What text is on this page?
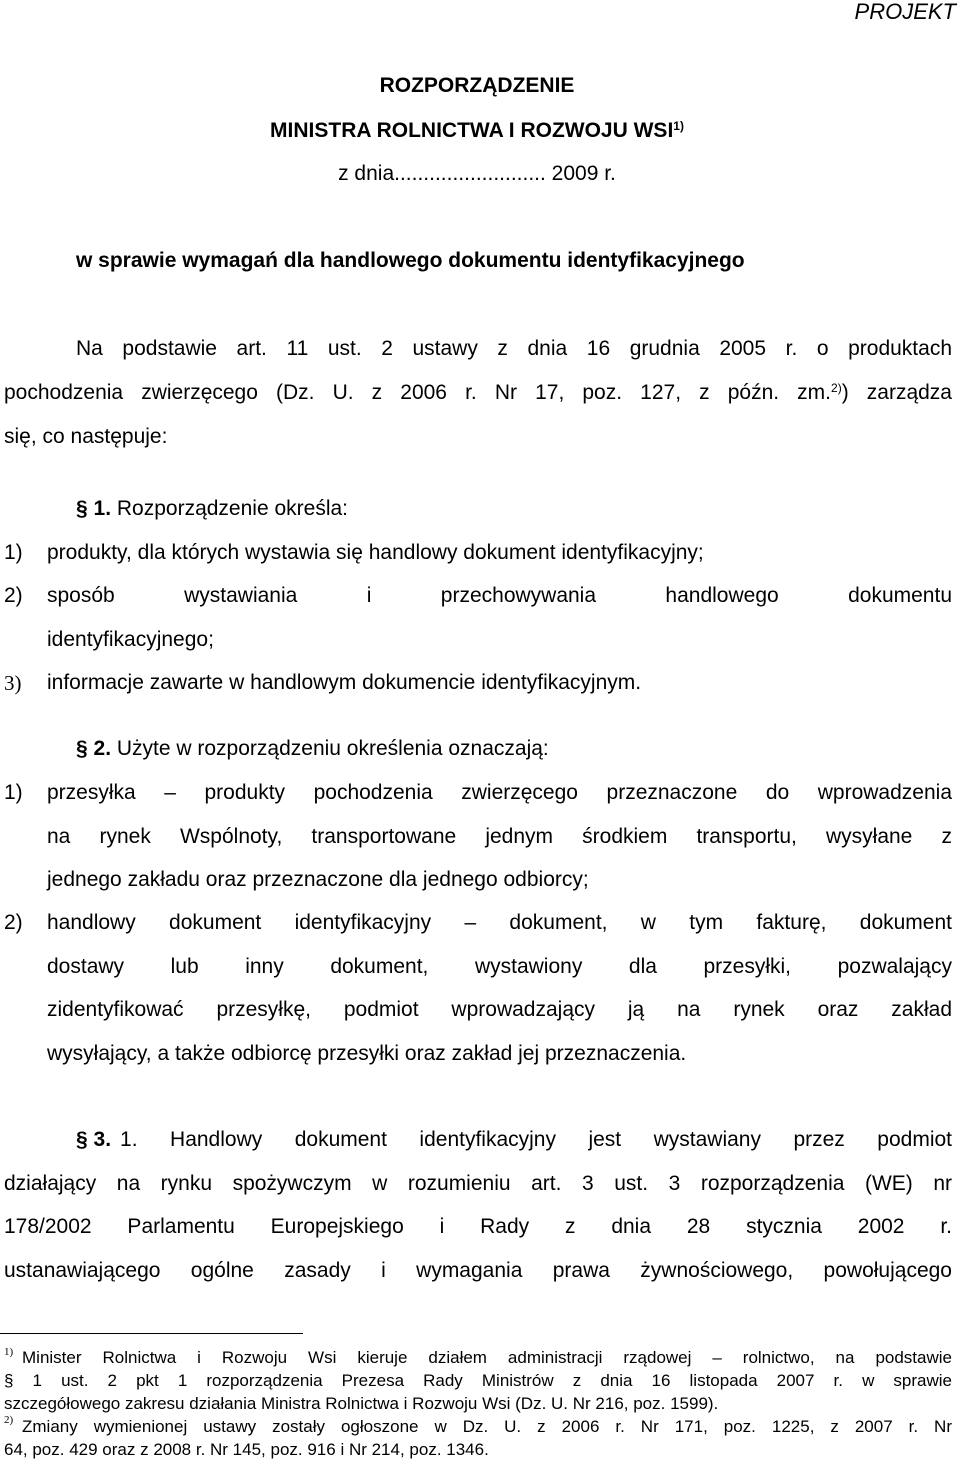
PROJEKT
ROZPORZĄDZENIE
MINISTRA ROLNICTWA I ROZWOJU WSI$^{1)}$
z dnia.......................... 2009 r.
w sprawie wymagań dla handlowego dokumentu identyfikacyjnego
Na podstawie art. 11 ust. 2 ustawy z dnia 16 grudnia 2005 r. o produktach
pochodzenia zwierzęcego (Dz. U. z 2006 r. Nr 17, poz. 127, z późn. zm.$^{2)}$) zarządza
się, co następuje:
§ 1. Rozporządzenie określa:
1) produkty, dla których wystawia się handlowy dokument identyfikacyjny;
2) sposób wystawiania i przechowywania handlowego dokumentu
identyfikacyjnego;
3) informacje zawarte w handlowym dokumencie identyfikacyjnym.
§ 2. Użyte w rozporządzeniu określenia oznaczają:
1) przesyłka – produkty pochodzenia zwierzęcego przeznaczone do wprowadzenia
na rynek Wspólnoty, transportowane jednym środkiem transportu, wysyłane z
jednego zakładu oraz przeznaczone dla jednego odbiorcy;
2) handlowy dokument identyfikacyjny – dokument, w tym fakturę, dokument
dostawy lub inny dokument, wystawiony dla przesyłki, pozwalający
zidentyfikować przesyłkę, podmiot wprowadzający ją na rynek oraz zakład
wysyłający, a także odbiorcę przesyłki oraz zakład jej przeznaczenia.
§ 3. 1. Handlowy dokument identyfikacyjny jest wystawiany przez podmiot
działający na rynku spożywczym w rozumieniu art. 3 ust. 3 rozporządzenia (WE) nr
178/2002 Parlamentu Europejskiego i Rady z dnia 28 stycznia 2002 r.
ustanawiającego ogólne zasady i wymagania prawa żywnościowego, powołującego
$^{1)}$ Minister Rolnictwa i Rozwoju Wsi kieruje działem administracji rządowej – rolnictwo, na podstawie
§ 1 ust. 2 pkt 1 rozporządzenia Prezesa Rady Ministrów z dnia 16 listopada 2007 r. w sprawie
szczegółowego zakresu działania Ministra Rolnictwa i Rozwoju Wsi (Dz. U. Nr 216, poz. 1599).
$^{2)}$ Zmiany wymienionej ustawy zostały ogłoszone w Dz. U. z 2006 r. Nr 171, poz. 1225, z 2007 r. Nr
64, poz. 429 oraz z 2008 r. Nr 145, poz. 916 i Nr 214, poz. 1346.
